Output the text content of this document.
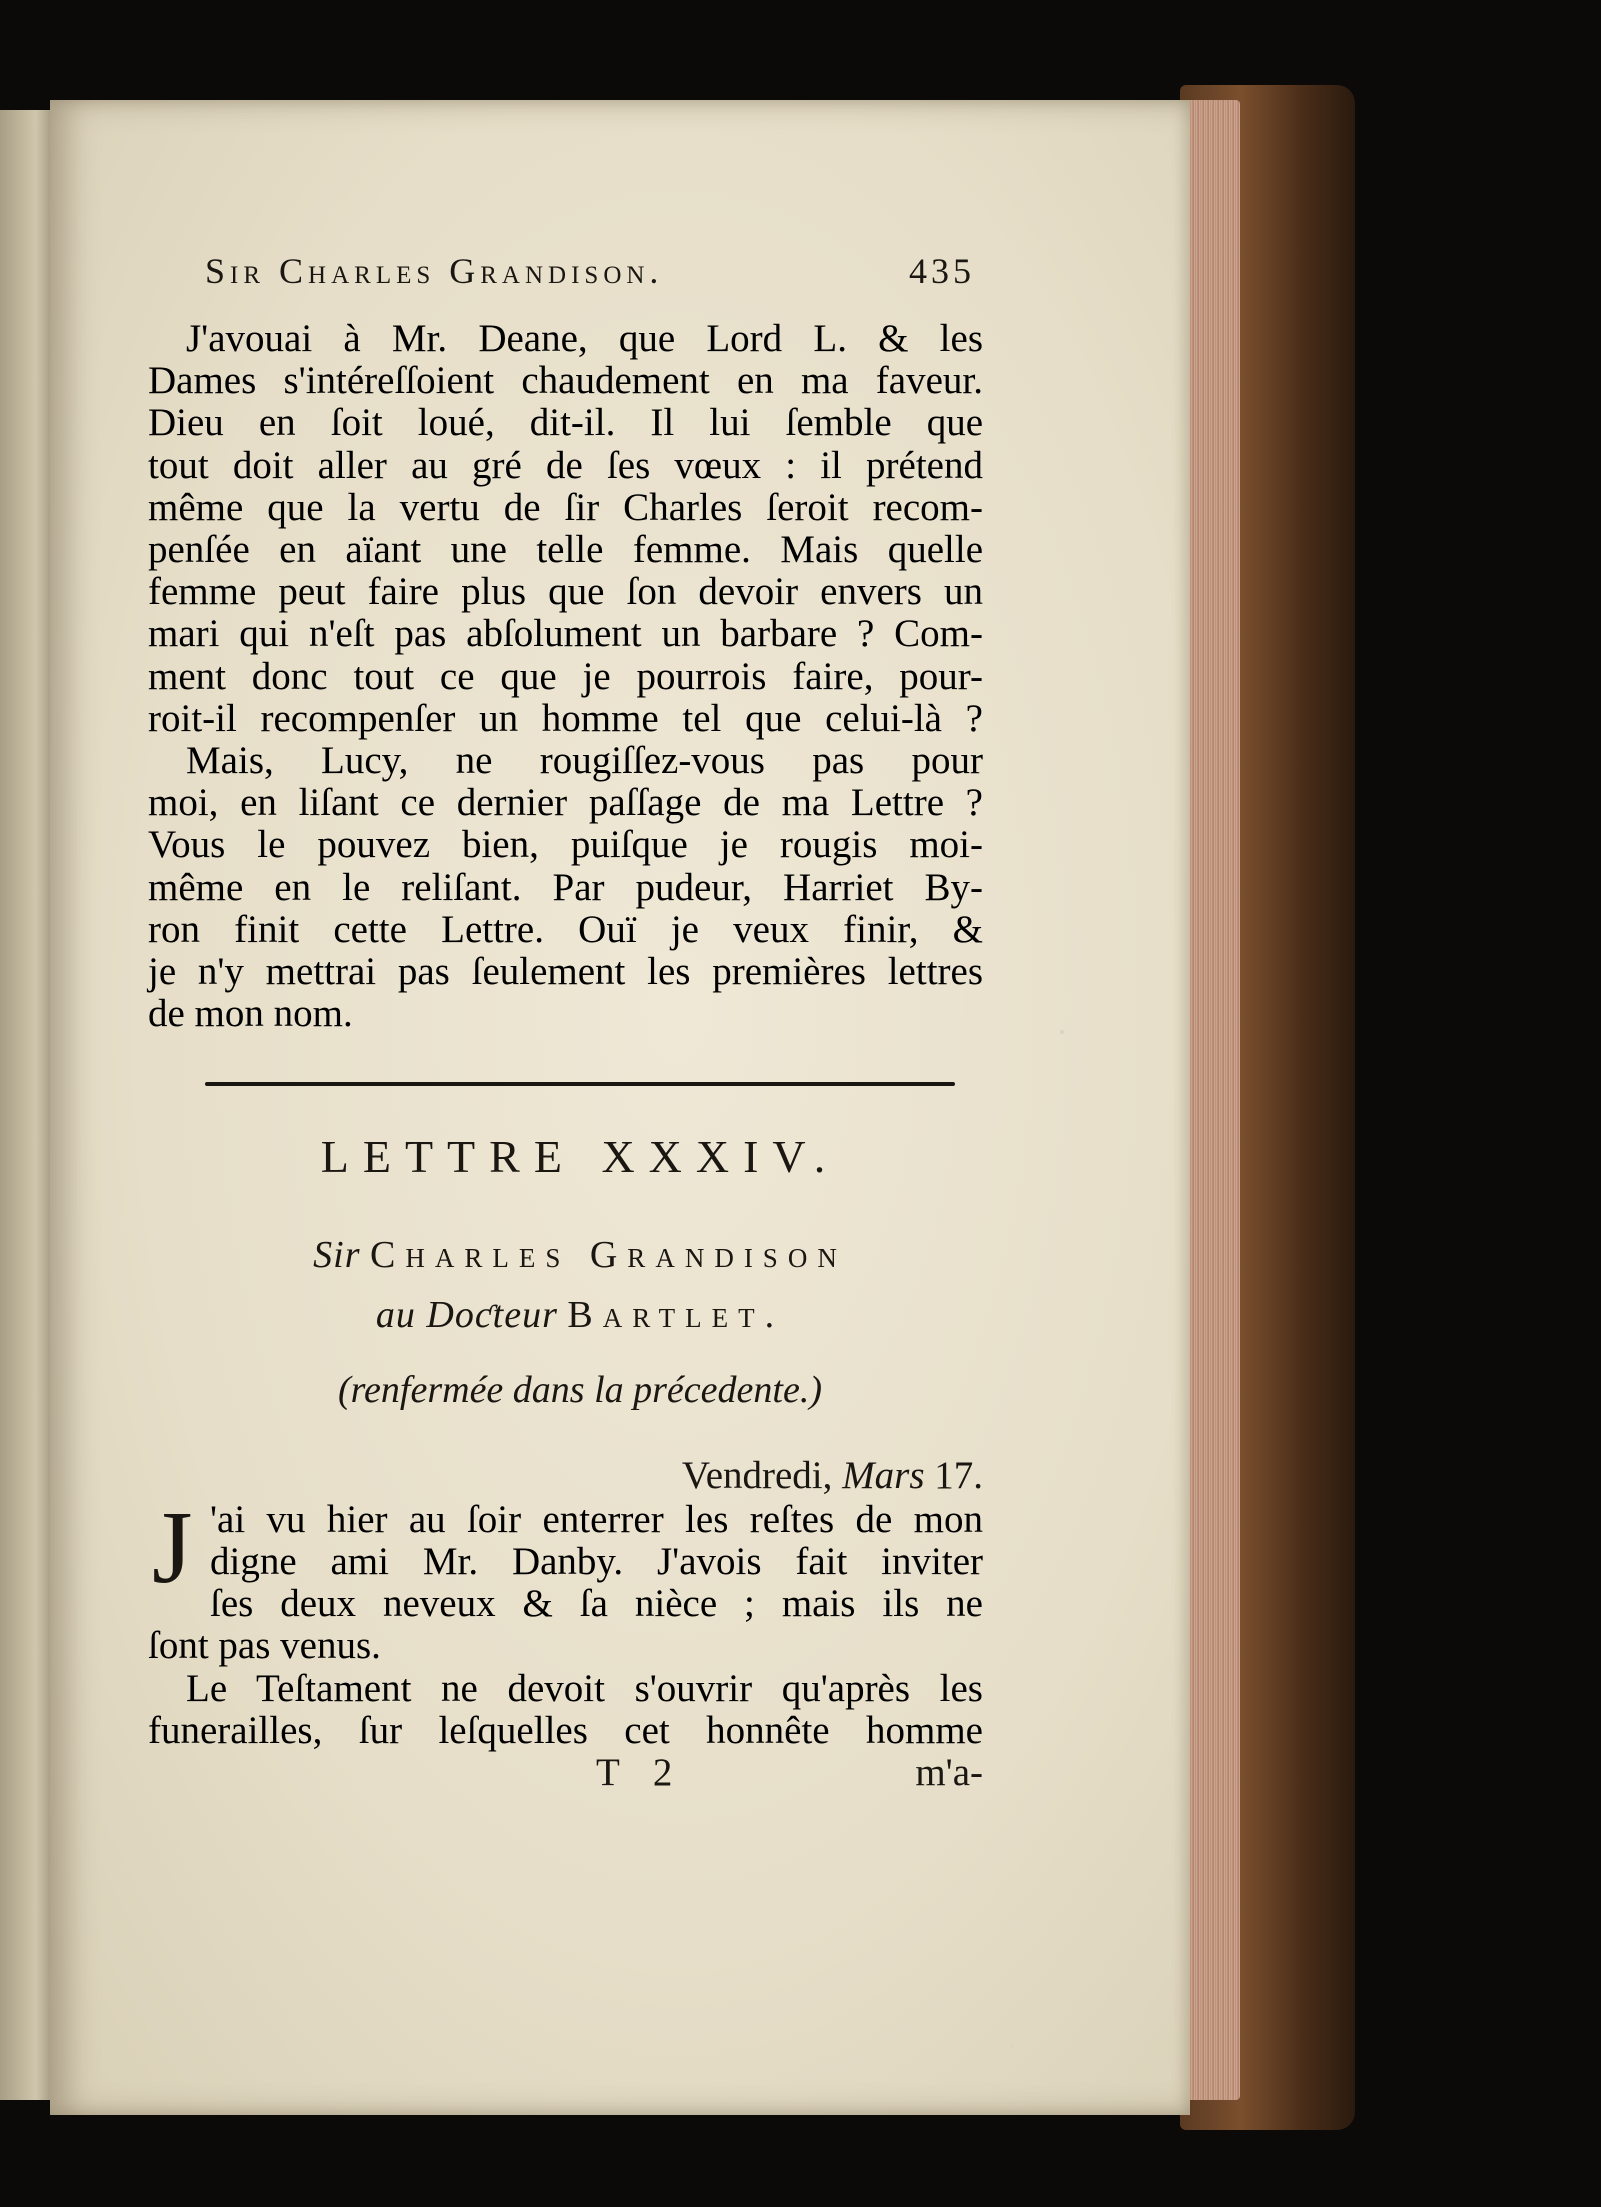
Sir Charles Grandison.	435
J'avouai à Mr. Deane, que Lord L. & les
Dames s'intéreſſoient chaudement en ma faveur.
Dieu en ſoit loué, dit-il. Il lui ſemble que
tout doit aller au gré de ſes vœux : il prétend
même que la vertu de ſir Charles ſeroit recom-
penſée en aïant une telle femme. Mais quelle
femme peut faire plus que ſon devoir envers un
mari qui n'eſt pas abſolument un barbare ? Com-
ment donc tout ce que je pourrois faire, pour-
roit-il recompenſer un homme tel que celui-là ?
Mais, Lucy, ne rougiſſez-vous pas pour
moi, en liſant ce dernier paſſage de ma Lettre ?
Vous le pouvez bien, puiſque je rougis moi-
même en le reliſant. Par pudeur, Harriet By-
ron finit cette Lettre. Ouï je veux finir, &
je n'y mettrai pas ſeulement les premières lettres
de mon nom.
LETTRE XXXIV.
Sir Charles Grandison
au Doƈteur Bartlet.
(renfermée dans la précedente.)
Vendredi, Mars 17.
J 'ai vu hier au ſoir enterrer les reſtes de mon
digne ami Mr. Danby. J'avois fait inviter
ſes deux neveux & ſa nièce ; mais ils ne
ſont pas venus.
Le Teſtament ne devoit s'ouvrir qu'après les
funerailles, ſur leſquelles cet honnête homme
T 2	m'a-
